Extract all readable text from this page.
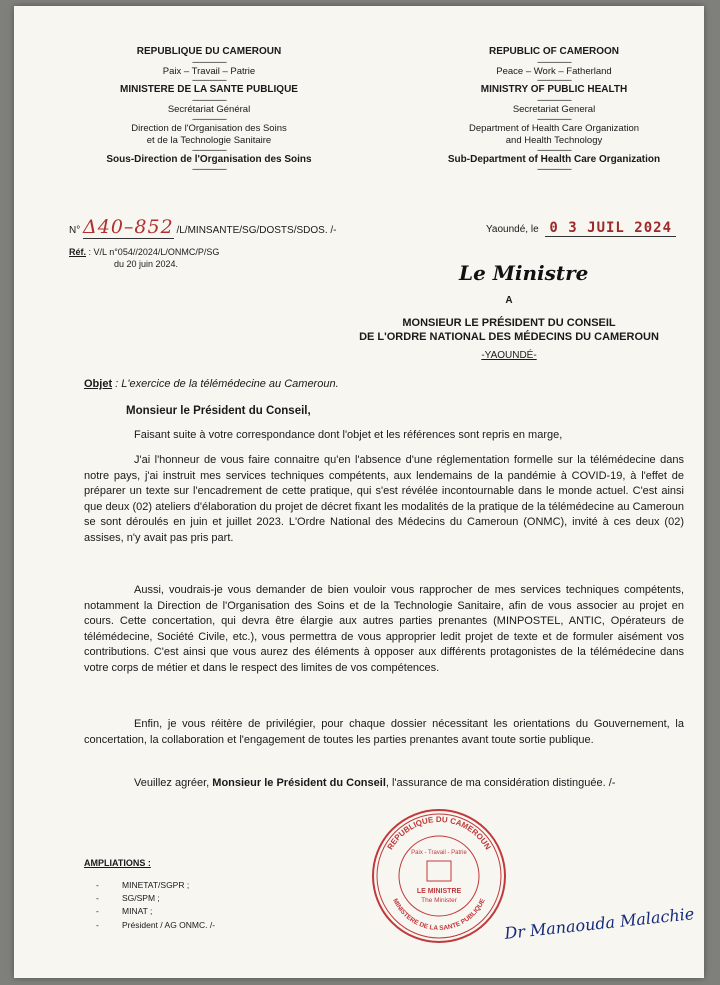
REPUBLIQUE DU CAMEROUN
-----------------
Paix – Travail – Patrie
-----------------
MINISTERE DE LA SANTE PUBLIQUE
-----------------
Secrétariat Général
-----------------
Direction de l'Organisation des Soins
et de la Technologie Sanitaire
-----------------
Sous-Direction de l'Organisation des Soins
-----------------
REPUBLIC OF CAMEROON
-----------------
Peace – Work – Fatherland
-----------------
MINISTRY OF PUBLIC HEALTH
-----------------
Secretariat General
-----------------
Department of Health Care Organization
and Health Technology
-----------------
Sub-Department of Health Care Organization
-----------------
N° Δ40–852 /L/MINSANTE/SG/DOSTS/SDOS. /-
Réf. : V/L n°054//2024/L/ONMC/P/SG
du 20 juin 2024.
Yaoundé, le 0 3 JUIL 2024
Le Ministre
A
MONSIEUR LE PRÉSIDENT DU CONSEIL
DE L'ORDRE NATIONAL DES MÉDECINS DU CAMEROUN
-YAOUNDÉ-
Objet : L'exercice de la télémédecine au Cameroun.
Monsieur le Président du Conseil,
Faisant suite à votre correspondance dont l'objet et les références sont repris en marge,
J'ai l'honneur de vous faire connaitre qu'en l'absence d'une réglementation formelle sur la télémédecine dans notre pays, j'ai instruit mes services techniques compétents, aux lendemains de la pandémie à COVID-19, à l'effet de préparer un texte sur l'encadrement de cette pratique, qui s'est révélée incontournable dans le monde actuel. C'est ainsi que deux (02) ateliers d'élaboration du projet de décret fixant les modalités de la pratique de la télémédecine au Cameroun se sont déroulés en juin et juillet 2023. L'Ordre National des Médecins du Cameroun (ONMC), invité à ces deux (02) assises, n'y avait pas pris part.
Aussi, voudrais-je vous demander de bien vouloir vous rapprocher de mes services techniques compétents, notamment la Direction de l'Organisation des Soins et de la Technologie Sanitaire, afin de vous associer au projet en cours. Cette concertation, qui devra être élargie aux autres parties prenantes (MINPOSTEL, ANTIC, Opérateurs de télémédecine, Société Civile, etc.), vous permettra de vous approprier ledit projet de texte et de formuler aisément vos contributions. C'est ainsi que vous aurez des éléments à opposer aux différents protagonistes de la télémédecine dans votre corps de métier et dans le respect des limites de vos compétences.
Enfin, je vous réitère de privilégier, pour chaque dossier nécessitant les orientations du Gouvernement, la concertation, la collaboration et l'engagement de toutes les parties prenantes avant toute sortie publique.
Veuillez agréer, Monsieur le Président du Conseil, l'assurance de ma considération distinguée. /-
AMPLIATIONS :
- MINETAT/SGPR ;
- SG/SPM ;
- MINAT ;
- Président / AG ONMC. /-
REPUBLIQUE DU CAMEROUN
MINISTERE DE LA SANTE PUBLIQUE
Paix - Travail - Patrie
LE MINISTRE
The Minister
Dr Manaouda Malachie
